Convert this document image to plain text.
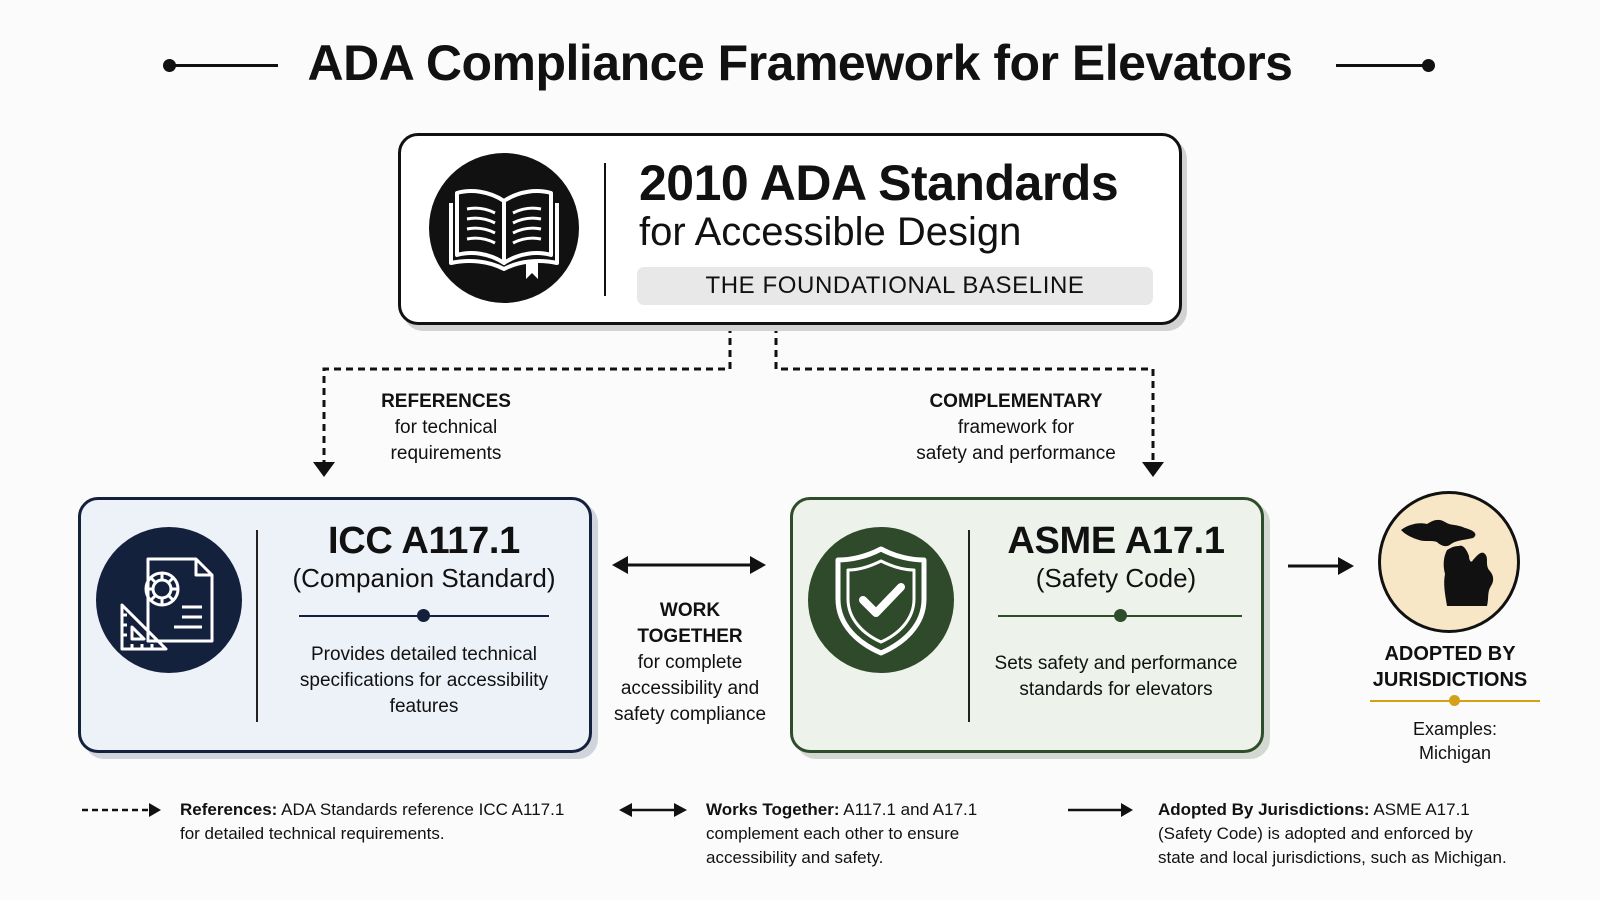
ADA Compliance Framework for Elevators
2010 ADA Standards
for Accessible Design
THE FOUNDATIONAL BASELINE
REFERENCES
for technical
requirements
COMPLEMENTARY
framework for
safety and performance
ICC A117.1
(Companion Standard)
Provides detailed technical
specifications for accessibility
features
WORK
TOGETHER
for complete
accessibility and
safety compliance
ASME A17.1
(Safety Code)
Sets safety and performance
standards for elevators
ADOPTED BY
JURISDICTIONS
Examples:
Michigan
References: ADA Standards reference ICC A117.1
for detailed technical requirements.
Works Together: A117.1 and A17.1
complement each other to ensure
accessibility and safety.
Adopted By Jurisdictions: ASME A17.1
(Safety Code) is adopted and enforced by
state and local jurisdictions, such as Michigan.
